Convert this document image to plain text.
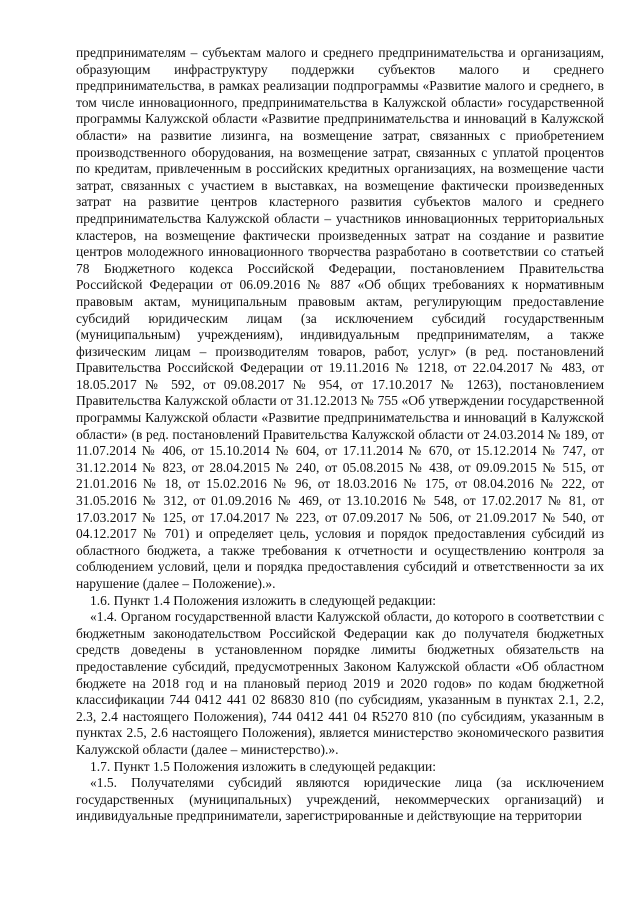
предпринимателям – субъектам малого и среднего предпринимательства и организациям, образующим инфраструктуру поддержки субъектов малого и среднего предпринимательства, в рамках реализации подпрограммы «Развитие малого и среднего, в том числе инновационного, предпринимательства в Калужской области» государственной программы Калужской области «Развитие предпринимательства и инноваций в Калужской области» на развитие лизинга, на возмещение затрат, связанных с приобретением производственного оборудования, на возмещение затрат, связанных с уплатой процентов по кредитам, привлеченным в российских кредитных организациях, на возмещение части затрат, связанных с участием в выставках, на возмещение фактически произведенных затрат на развитие центров кластерного развития субъектов малого и среднего предпринимательства Калужской области – участников инновационных территориальных кластеров, на возмещение фактически произведенных затрат на создание и развитие центров молодежного инновационного творчества разработано в соответствии со статьей 78 Бюджетного кодекса Российской Федерации, постановлением Правительства Российской Федерации от 06.09.2016 № 887 «Об общих требованиях к нормативным правовым актам, муниципальным правовым актам, регулирующим предоставление субсидий юридическим лицам (за исключением субсидий государственным (муниципальным) учреждениям), индивидуальным предпринимателям, а также физическим лицам – производителям товаров, работ, услуг» (в ред. постановлений Правительства Российской Федерации от 19.11.2016 № 1218, от 22.04.2017 № 483, от 18.05.2017 № 592, от 09.08.2017 № 954, от 17.10.2017 № 1263), постановлением Правительства Калужской области от 31.12.2013 № 755 «Об утверждении государственной программы Калужской области «Развитие предпринимательства и инноваций в Калужской области» (в ред. постановлений Правительства Калужской области от 24.03.2014 № 189, от 11.07.2014 № 406, от 15.10.2014 № 604, от 17.11.2014 № 670, от 15.12.2014 № 747, от 31.12.2014 № 823, от 28.04.2015 № 240, от 05.08.2015 № 438, от 09.09.2015 № 515, от 21.01.2016 № 18, от 15.02.2016 № 96, от 18.03.2016 № 175, от 08.04.2016 № 222, от 31.05.2016 № 312, от 01.09.2016 № 469, от 13.10.2016 № 548, от 17.02.2017 № 81, от 17.03.2017 № 125, от 17.04.2017 № 223, от 07.09.2017 № 506, от 21.09.2017 № 540, от 04.12.2017 № 701) и определяет цель, условия и порядок предоставления субсидий из областного бюджета, а также требования к отчетности и осуществлению контроля за соблюдением условий, цели и порядка предоставления субсидий и ответственности за их нарушение (далее – Положение).».

1.6. Пункт 1.4 Положения изложить в следующей редакции:

«1.4. Органом государственной власти Калужской области, до которого в соответствии с бюджетным законодательством Российской Федерации как до получателя бюджетных средств доведены в установленном порядке лимиты бюджетных обязательств на предоставление субсидий, предусмотренных Законом Калужской области «Об областном бюджете на 2018 год и на плановый период 2019 и 2020 годов» по кодам бюджетной классификации 744 0412 441 02 86830 810 (по субсидиям, указанным в пунктах 2.1, 2.2, 2.3, 2.4 настоящего Положения), 744 0412 441 04 R5270 810 (по субсидиям, указанным в пунктах 2.5, 2.6 настоящего Положения), является министерство экономического развития Калужской области (далее – министерство).».

1.7. Пункт 1.5 Положения изложить в следующей редакции:

«1.5. Получателями субсидий являются юридические лица (за исключением государственных (муниципальных) учреждений, некоммерческих организаций) и индивидуальные предприниматели, зарегистрированные и действующие на территории
